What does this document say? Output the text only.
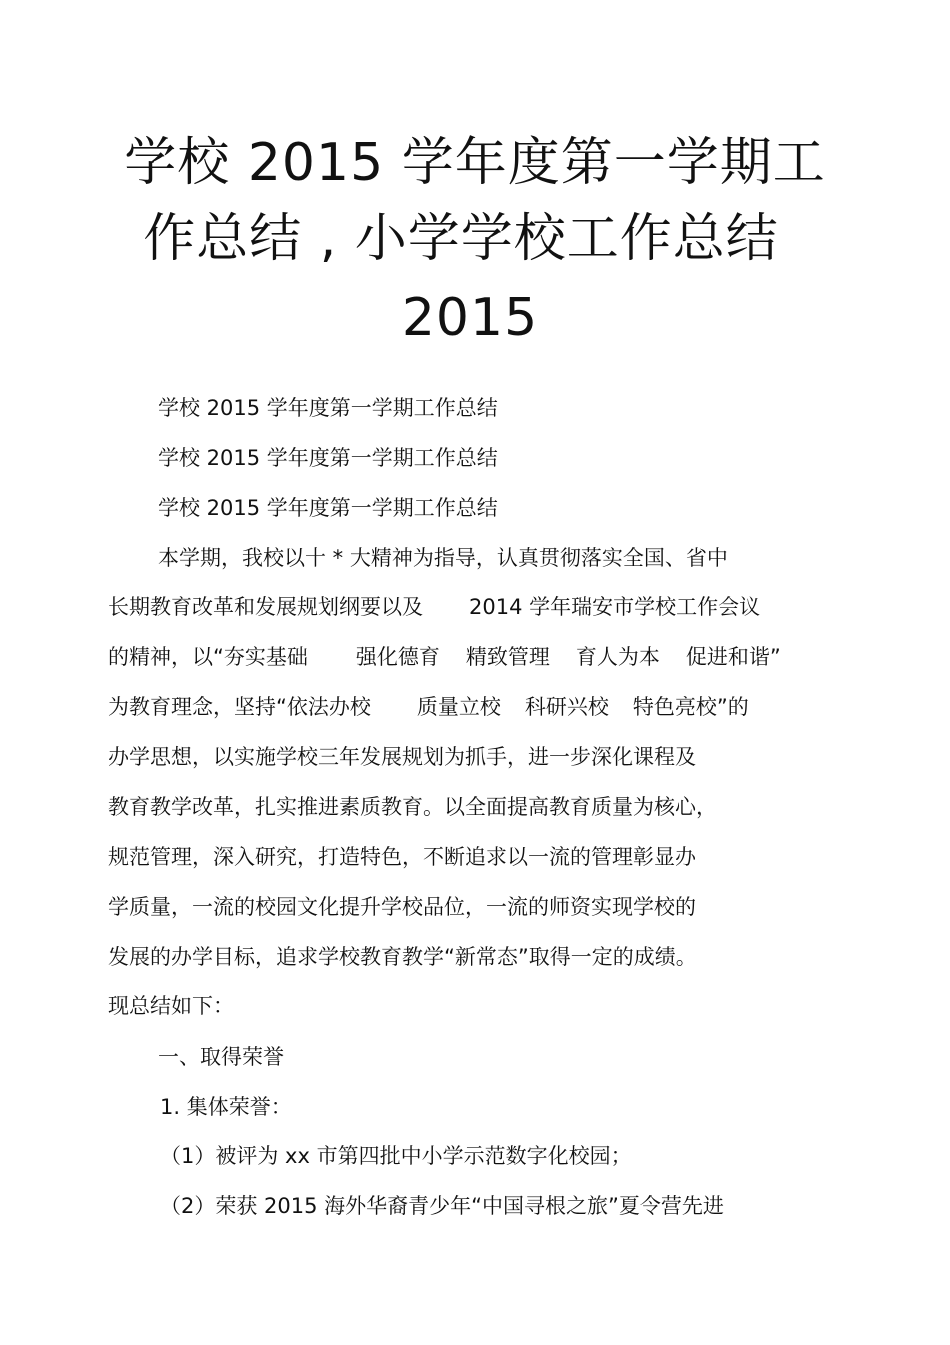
学校 2015 学年度第一学期工
作总结 , 小学学校工作总结
2015
学校 2015 学年度第一学期工作总结
学校 2015 学年度第一学期工作总结
学校 2015 学年度第一学期工作总结
本学期，我校以十 * 大精神为指导，认真贯彻落实全国、省中
长期教育改革和发展规划纲要以及 2014 学年瑞安市学校工作会议
的精神，以“夯实基础 强化德育 精致管理 育人为本 促进和谐”
为教育理念，坚持“依法办校 质量立校 科研兴校 特色亮校”的
办学思想，以实施学校三年发展规划为抓手，进一步深化课程及
教育教学改革，扎实推进素质教育。以全面提高教育质量为核心，
规范管理，深入研究，打造特色，不断追求以一流的管理彰显办
学质量，一流的校园文化提升学校品位，一流的师资实现学校的
发展的办学目标，追求学校教育教学“新常态”取得一定的成绩。
现总结如下：
一、取得荣誉
1. 集体荣誉：
（1）被评为 xx 市第四批中小学示范数字化校园；
（2）荣获 2015 海外华裔青少年“中国寻根之旅”夏令营先进
